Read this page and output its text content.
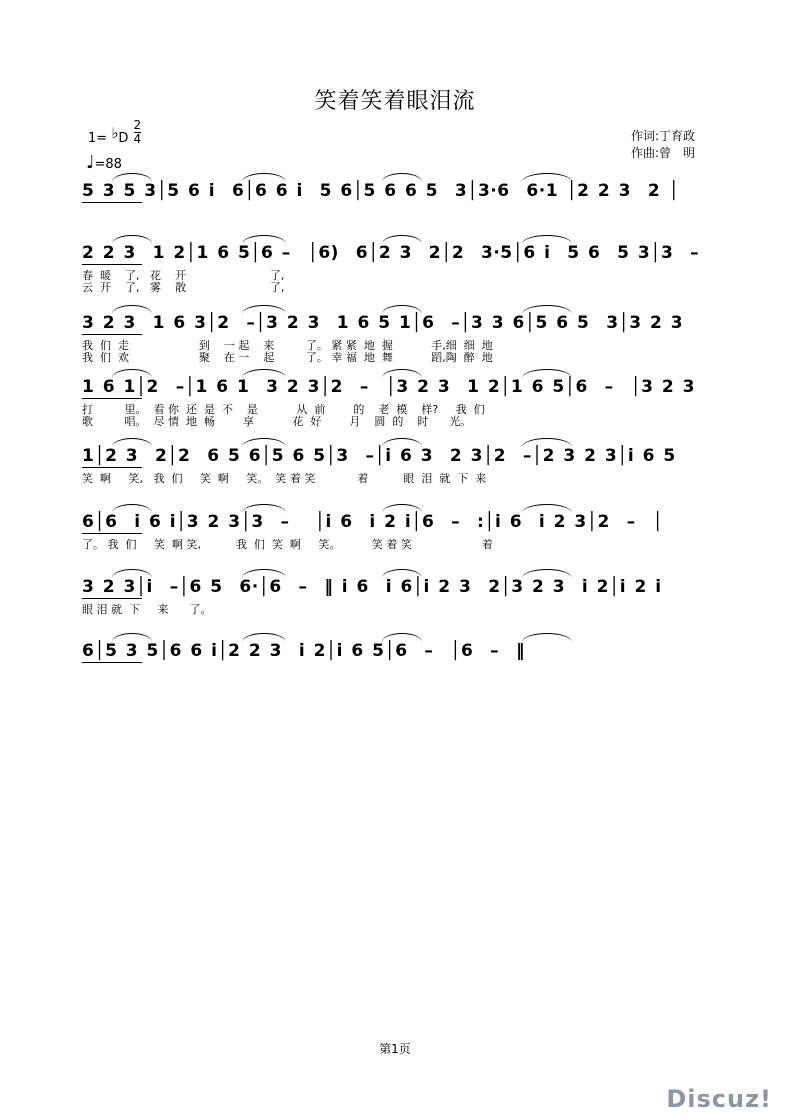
笑着笑着眼泪流
1= ♭D $\frac{2}{4}$
♩=88
作词:丁育政
作曲:曾　明
5 3 5 3│5 6 i  6│6 6 i  5 6│5 6 6 5  3│3·6  6·1 │2 2 3  2 │
2 2 3  1 2│1 6 5│6 –  │6)  6│2 3  2│2  3·5│6 i  5 6  5 3│3  –
春  暖    了,   花    开                        了,
云  开    了,   雾    散                        了,
3 2 3  1 6 3│2  –│3 2 3  1 6 5 1│6  –│3 3 6│5 6 5  3│3 2 3
我  们  走                    到    一 起    来         了。 紧 紧  地  握           手,细  细  地
我  们  欢                    聚    在 一    起         了。 幸 福  地  舞           蹈,陶  醉  地
1 6 1│2  –│1 6 1  3 2 3│2  –  │3 2 3  1 2│1 6 5│6  –  │3 2 3
打         里。  看 你  还  是  不    是           从  前        的    老  模    样?     我  们
歌         唱。  尽 情  地  畅        享           花  好        月    圆  的    时      光。
1│2 3  2│2  6 5 6│5 6 5│3  –│i 6 3  2 3│2  –│2 3 2 3│i 6 5
笑  啊     笑,   我  们     笑  啊     笑。  笑 着 笑            着          眼  泪  就  下  来
6│6  i 6 i│3 2 3│3  –   │i 6  i 2 i│6  –  :│i 6  i 2 3│2  –  │
了。 我  们     笑  啊 笑,          我  们  笑  啊     笑。         笑 着 笑                    着
3 2 3│i  –│6 5  6·│6  –  ‖ i 6  i 6│i 2 3  2│3 2 3  i 2│i 2 i
眼 泪 就  下     来      了。
6│5 3 5│6 6 i│2 2 3  i 2│i 6 5│6  –  │6  –  ‖
第1页
Discuz!
